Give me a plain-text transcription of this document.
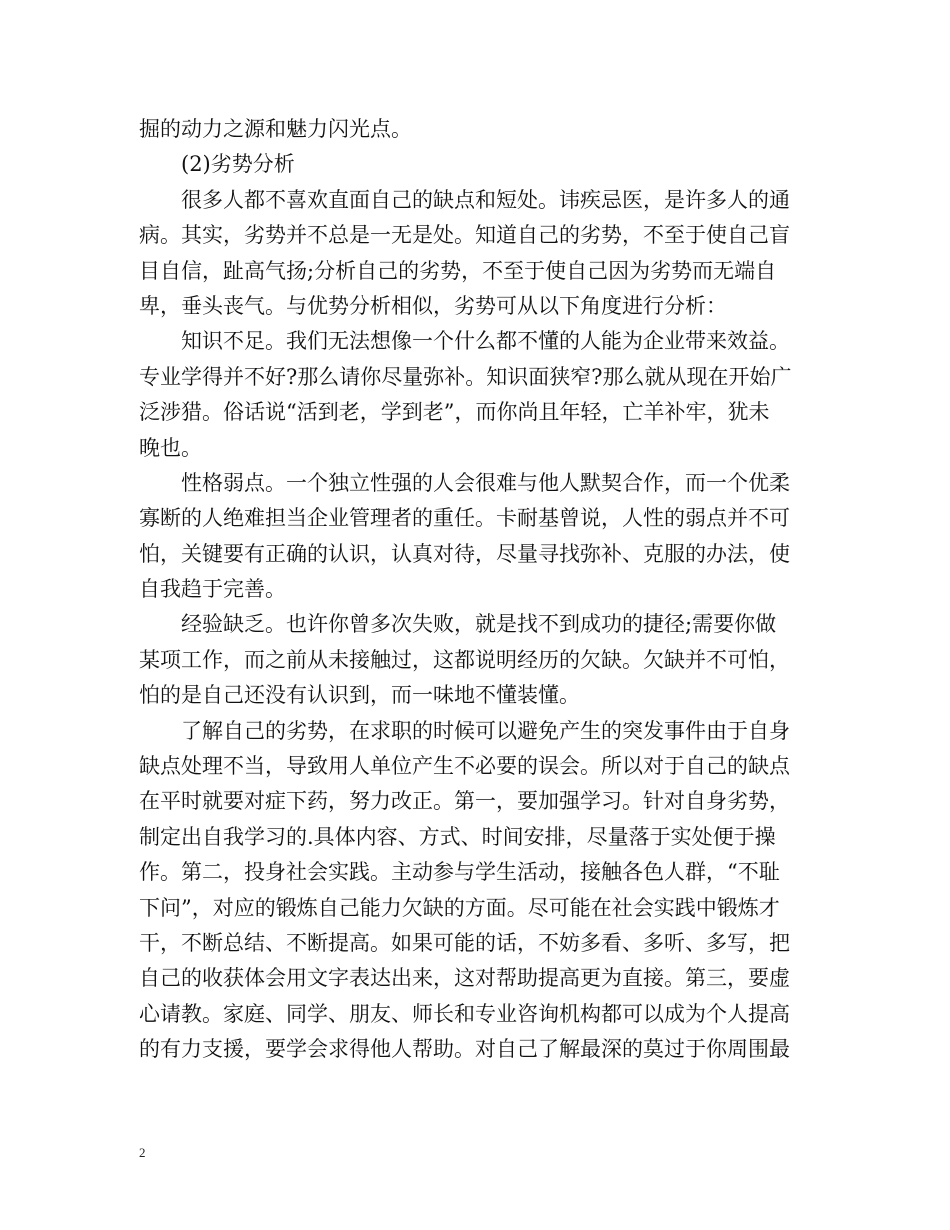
掘的动力之源和魅力闪光点。
(2)劣势分析
很多人都不喜欢直面自己的缺点和短处。讳疾忌医，是许多人的通
病。其实，劣势并不总是一无是处。知道自己的劣势，不至于使自己盲
目自信，趾高气扬;分析自己的劣势，不至于使自己因为劣势而无端自
卑，垂头丧气。与优势分析相似，劣势可从以下角度进行分析：
知识不足。我们无法想像一个什么都不懂的人能为企业带来效益。
专业学得并不好?那么请你尽量弥补。知识面狭窄?那么就从现在开始广
泛涉猎。俗话说“活到老，学到老”，而你尚且年轻，亡羊补牢，犹未
晚也。
性格弱点。一个独立性强的人会很难与他人默契合作，而一个优柔
寡断的人绝难担当企业管理者的重任。卡耐基曾说，人性的弱点并不可
怕，关键要有正确的认识，认真对待，尽量寻找弥补、克服的办法，使
自我趋于完善。
经验缺乏。也许你曾多次失败，就是找不到成功的捷径;需要你做
某项工作，而之前从未接触过，这都说明经历的欠缺。欠缺并不可怕，
怕的是自己还没有认识到，而一味地不懂装懂。
了解自己的劣势，在求职的时候可以避免产生的突发事件由于自身
缺点处理不当，导致用人单位产生不必要的误会。所以对于自己的缺点
在平时就要对症下药，努力改正。第一，要加强学习。针对自身劣势，
制定出自我学习的.具体内容、方式、时间安排，尽量落于实处便于操
作。第二，投身社会实践。主动参与学生活动，接触各色人群，“不耻
下问”，对应的锻炼自己能力欠缺的方面。尽可能在社会实践中锻炼才
干，不断总结、不断提高。如果可能的话，不妨多看、多听、多写，把
自己的收获体会用文字表达出来，这对帮助提高更为直接。第三，要虚
心请教。家庭、同学、朋友、师长和专业咨询机构都可以成为个人提高
的有力支援，要学会求得他人帮助。对自己了解最深的莫过于你周围最
2
